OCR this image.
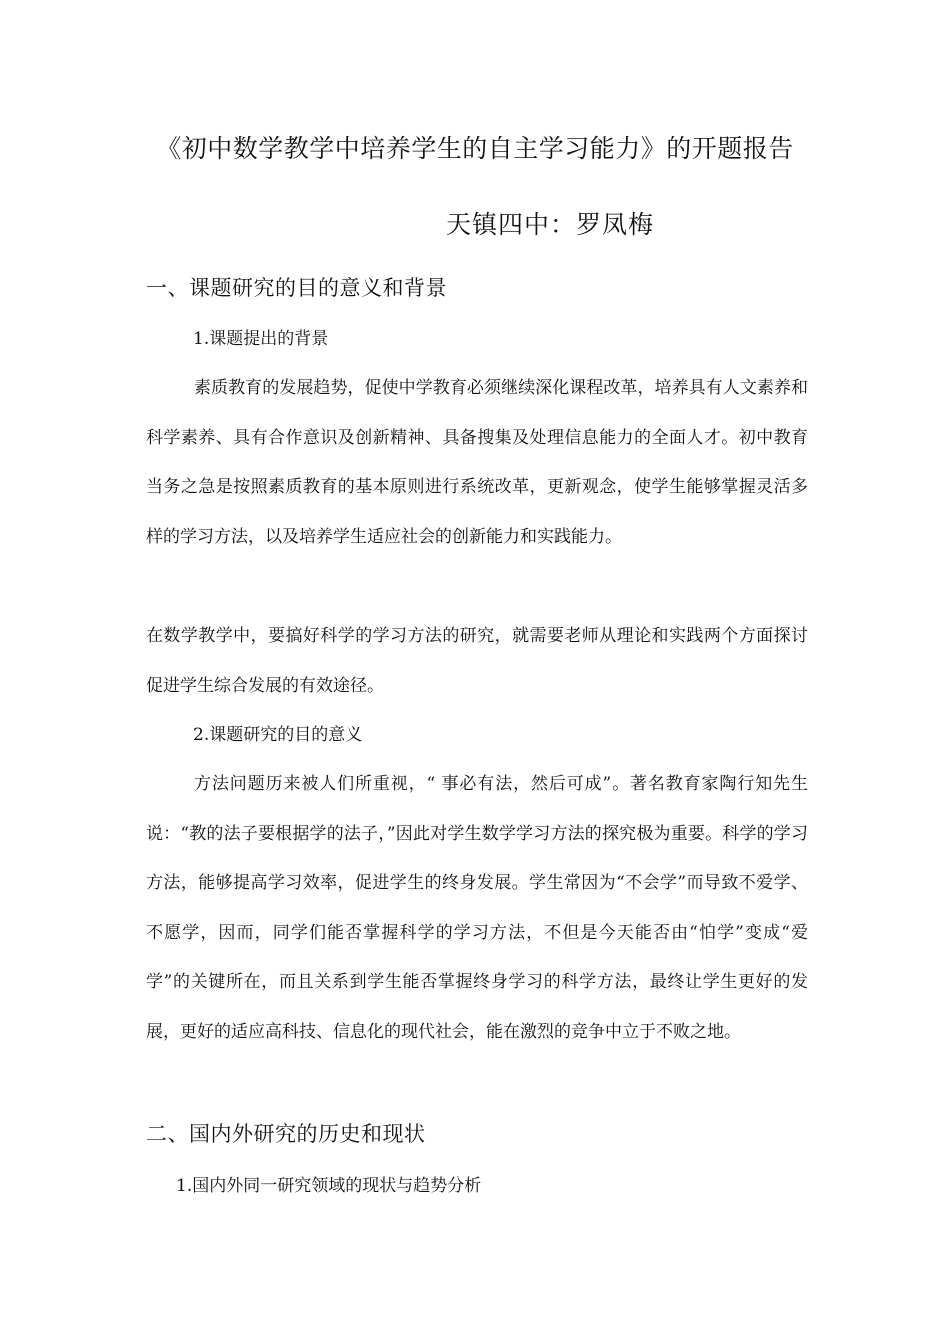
《初中数学教学中培养学生的自主学习能力》的开题报告

天镇四中：罗凤梅

一、课题研究的目的意义和背景

1.课题提出的背景

素质教育的发展趋势，促使中学教育必须继续深化课程改革，培养具有人文素养和科学素养、具有合作意识及创新精神、具备搜集及处理信息能力的全面人才。初中教育当务之急是按照素质教育的基本原则进行系统改革，更新观念，使学生能够掌握灵活多样的学习方法，以及培养学生适应社会的创新能力和实践能力。

在数学教学中，要搞好科学的学习方法的研究，就需要老师从理论和实践两个方面探讨促进学生综合发展的有效途径。

2.课题研究的目的意义

方法问题历来被人们所重视，“ 事必有法，然后可成”。著名教育家陶行知先生说：“教的法子要根据学的法子，”因此对学生数学学习方法的探究极为重要。科学的学习方法，能够提高学习效率，促进学生的终身发展。学生常因为“不会学”而导致不爱学、不愿学，因而，同学们能否掌握科学的学习方法，不但是今天能否由“怕学”变成“爱学”的关键所在，而且关系到学生能否掌握终身学习的科学方法，最终让学生更好的发展，更好的适应高科技、信息化的现代社会，能在激烈的竞争中立于不败之地。

二、国内外研究的历史和现状

1.国内外同一研究领域的现状与趋势分析
